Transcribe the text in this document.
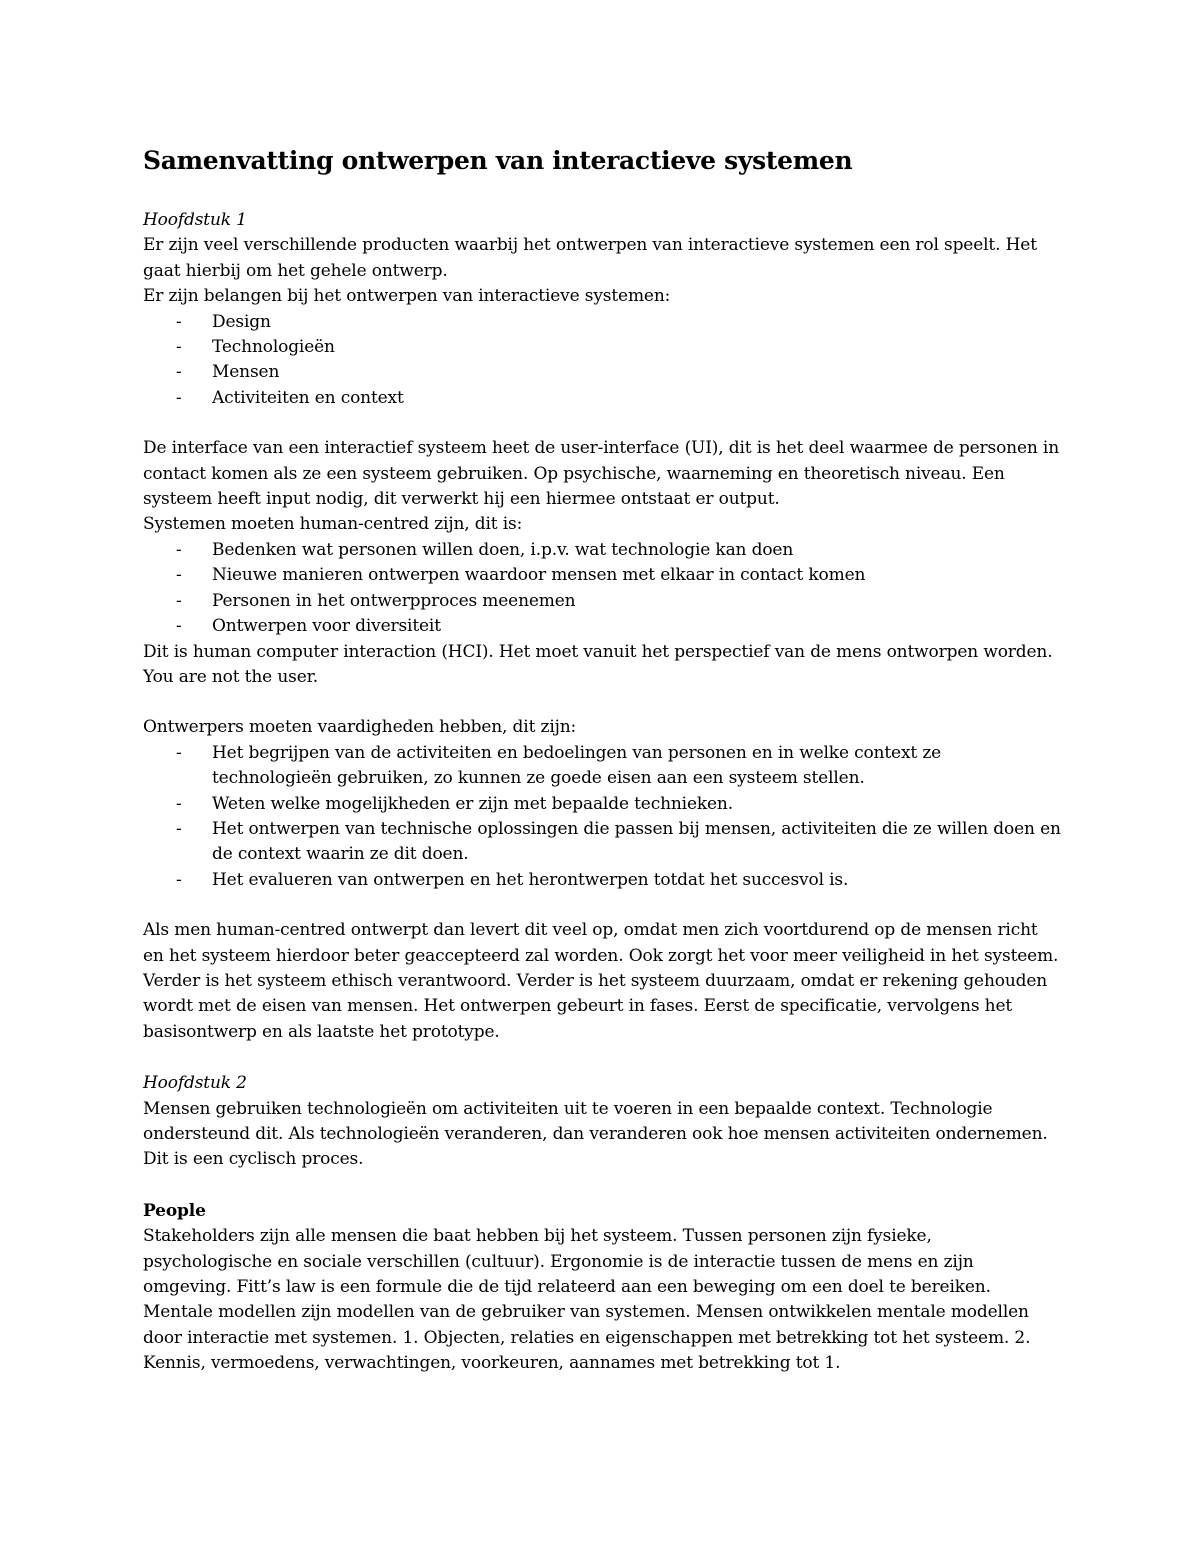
Samenvatting ontwerpen van interactieve systemen

Hoofdstuk 1

Er zijn veel verschillende producten waarbij het ontwerpen van interactieve systemen een rol speelt. Het gaat hierbij om het gehele ontwerp.

Er zijn belangen bij het ontwerpen van interactieve systemen:

- Design
- Technologieën
- Mensen
- Activiteiten en context

De interface van een interactief systeem heet de user-interface (UI), dit is het deel waarmee de personen in contact komen als ze een systeem gebruiken. Op psychische, waarneming en theoretisch niveau. Een systeem heeft input nodig, dit verwerkt hij een hiermee ontstaat er output.

Systemen moeten human-centred zijn, dit is:

- Bedenken wat personen willen doen, i.p.v. wat technologie kan doen
- Nieuwe manieren ontwerpen waardoor mensen met elkaar in contact komen
- Personen in het ontwerpproces meenemen
- Ontwerpen voor diversiteit

Dit is human computer interaction (HCI). Het moet vanuit het perspectief van de mens ontworpen worden. You are not the user.

Ontwerpers moeten vaardigheden hebben, dit zijn:

- Het begrijpen van de activiteiten en bedoelingen van personen en in welke context ze technologieën gebruiken, zo kunnen ze goede eisen aan een systeem stellen.
- Weten welke mogelijkheden er zijn met bepaalde technieken.
- Het ontwerpen van technische oplossingen die passen bij mensen, activiteiten die ze willen doen en de context waarin ze dit doen.
- Het evalueren van ontwerpen en het herontwerpen totdat het succesvol is.

Als men human-centred ontwerpt dan levert dit veel op, omdat men zich voortdurend op de mensen richt en het systeem hierdoor beter geaccepteerd zal worden. Ook zorgt het voor meer veiligheid in het systeem. Verder is het systeem ethisch verantwoord. Verder is het systeem duurzaam, omdat er rekening gehouden wordt met de eisen van mensen. Het ontwerpen gebeurt in fases. Eerst de specificatie, vervolgens het basisontwerp en als laatste het prototype.

Hoofdstuk 2

Mensen gebruiken technologieën om activiteiten uit te voeren in een bepaalde context. Technologie ondersteund dit. Als technologieën veranderen, dan veranderen ook hoe mensen activiteiten ondernemen. Dit is een cyclisch proces.

People

Stakeholders zijn alle mensen die baat hebben bij het systeem. Tussen personen zijn fysieke, psychologische en sociale verschillen (cultuur). Ergonomie is de interactie tussen de mens en zijn omgeving. Fitt’s law is een formule die de tijd relateerd aan een beweging om een doel te bereiken. Mentale modellen zijn modellen van de gebruiker van systemen. Mensen ontwikkelen mentale modellen door interactie met systemen. 1. Objecten, relaties en eigenschappen met betrekking tot het systeem. 2. Kennis, vermoedens, verwachtingen, voorkeuren, aannames met betrekking tot 1.
